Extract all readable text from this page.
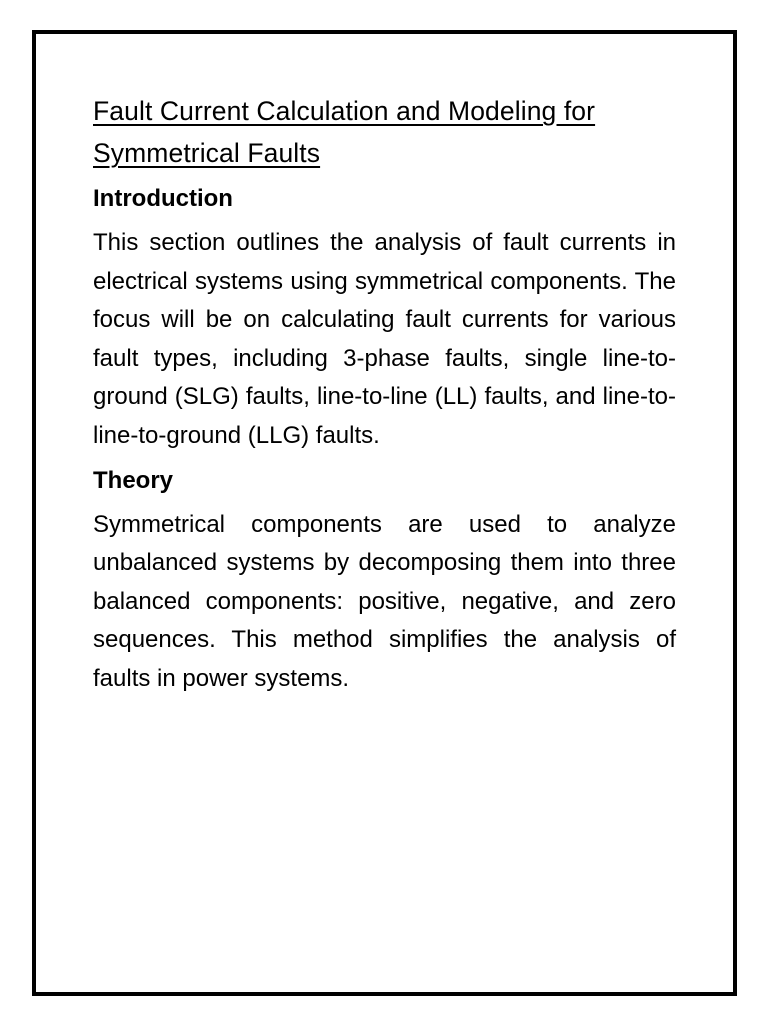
Fault Current Calculation and Modeling for Symmetrical Faults
Introduction

This section outlines the analysis of fault currents in electrical systems using symmetrical components. The focus will be on calculating fault currents for various fault types, including 3-phase faults, single line-to-ground (SLG) faults, line-to-line (LL) faults, and line-to-line-to-ground (LLG) faults.

Theory

Symmetrical components are used to analyze unbalanced systems by decomposing them into three balanced components: positive, negative, and zero sequences. This method simplifies the analysis of faults in power systems.
